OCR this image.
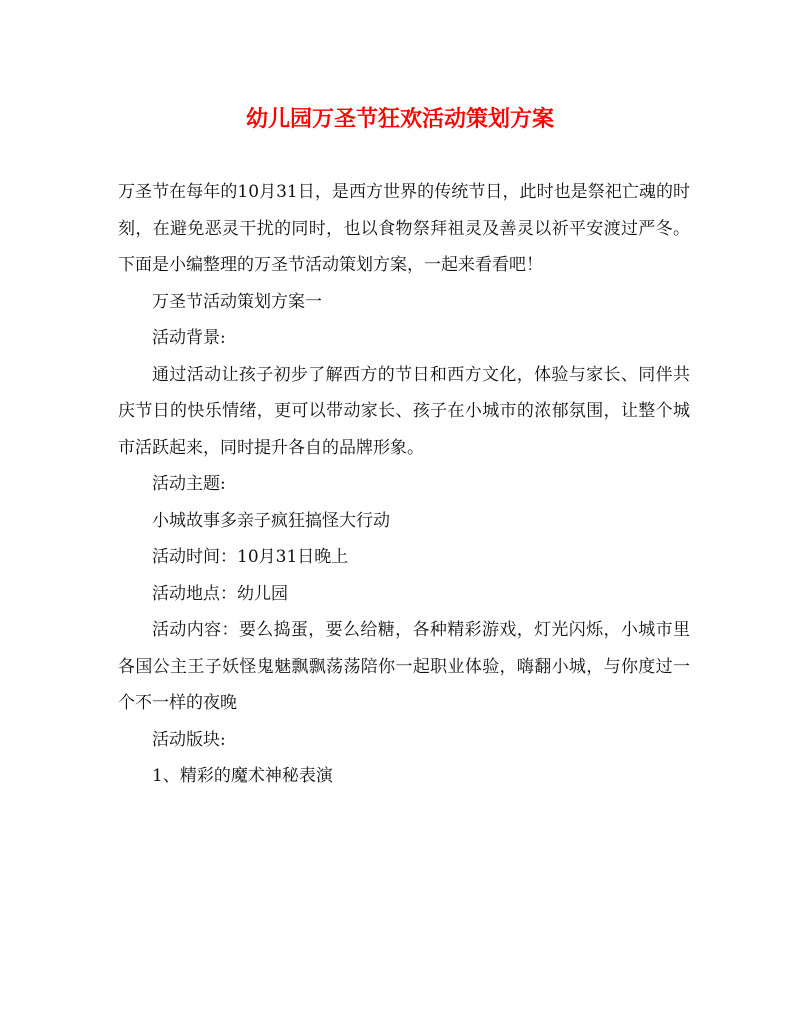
幼儿园万圣节狂欢活动策划方案

万圣节在每年的10月31日，是西方世界的传统节日，此时也是祭祀亡魂的时刻，在避免恶灵干扰的同时，也以食物祭拜祖灵及善灵以祈平安渡过严冬。下面是小编整理的万圣节活动策划方案，一起来看看吧！

万圣节活动策划方案一

活动背景:

通过活动让孩子初步了解西方的节日和西方文化，体验与家长、同伴共庆节日的快乐情绪，更可以带动家长、孩子在小城市的浓郁氛围，让整个城市活跃起来，同时提升各自的品牌形象。

活动主题:

小城故事多亲子疯狂搞怪大行动

活动时间：10月31日晚上

活动地点：幼儿园

活动内容：要么捣蛋，要么给糖，各种精彩游戏，灯光闪烁，小城市里各国公主王子妖怪鬼魅飘飘荡荡陪你一起职业体验，嗨翻小城，与你度过一个不一样的夜晚

活动版块:

1、精彩的魔术神秘表演
